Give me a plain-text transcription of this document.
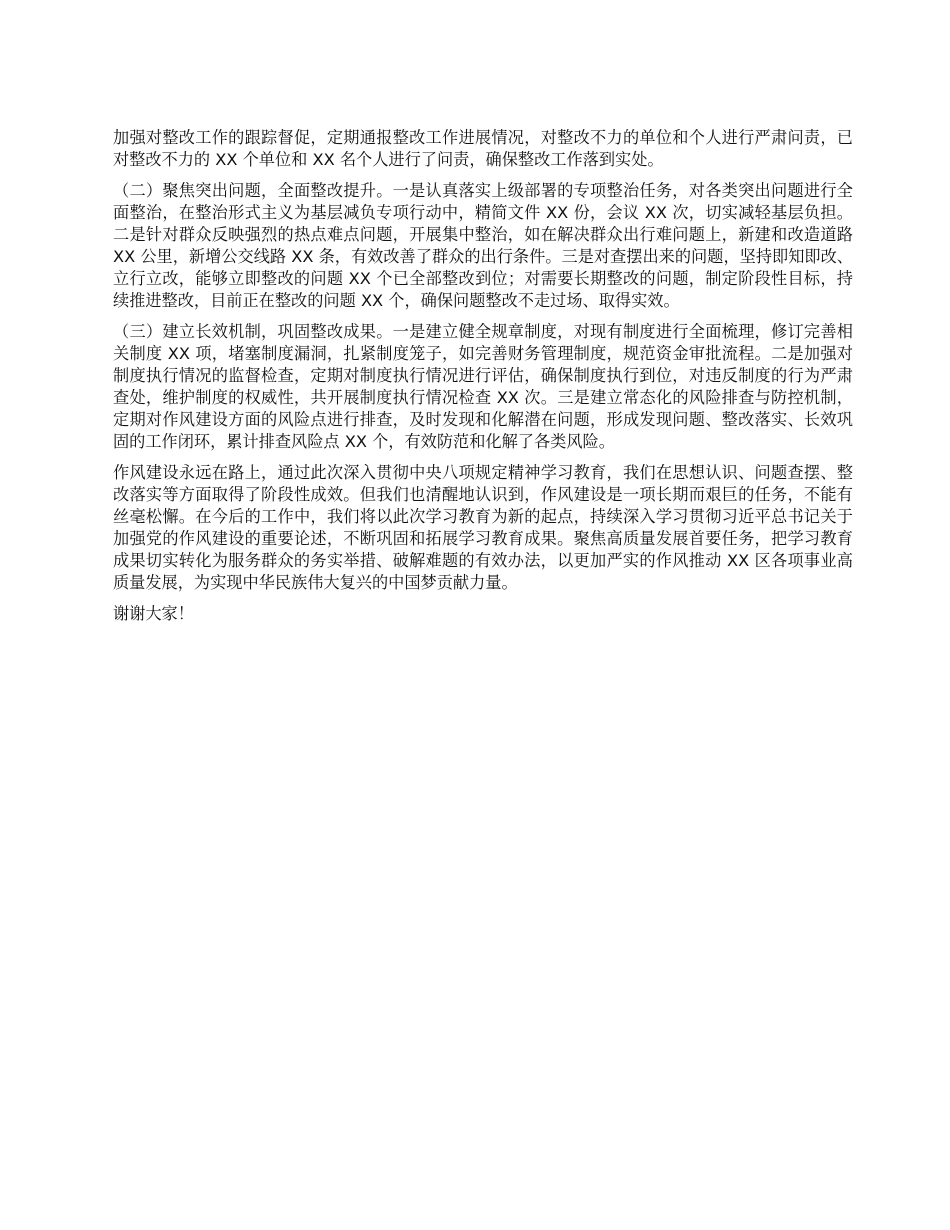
加强对整改工作的跟踪督促，定期通报整改工作进展情况，对整改不力的单位和个人进行严肃问责，已对整改不力的 XX 个单位和 XX 名个人进行了问责，确保整改工作落到实处。

（二）聚焦突出问题，全面整改提升。一是认真落实上级部署的专项整治任务，对各类突出问题进行全面整治，在整治形式主义为基层减负专项行动中，精简文件 XX 份，会议 XX 次，切实减轻基层负担。二是针对群众反映强烈的热点难点问题，开展集中整治，如在解决群众出行难问题上，新建和改造道路 XX 公里，新增公交线路 XX 条，有效改善了群众的出行条件。三是对查摆出来的问题，坚持即知即改、立行立改，能够立即整改的问题 XX 个已全部整改到位；对需要长期整改的问题，制定阶段性目标，持续推进整改，目前正在整改的问题 XX 个，确保问题整改不走过场、取得实效。

（三）建立长效机制，巩固整改成果。一是建立健全规章制度，对现有制度进行全面梳理，修订完善相关制度 XX 项，堵塞制度漏洞，扎紧制度笼子，如完善财务管理制度，规范资金审批流程。二是加强对制度执行情况的监督检查，定期对制度执行情况进行评估，确保制度执行到位，对违反制度的行为严肃查处，维护制度的权威性，共开展制度执行情况检查 XX 次。三是建立常态化的风险排查与防控机制，定期对作风建设方面的风险点进行排查，及时发现和化解潜在问题，形成发现问题、整改落实、长效巩固的工作闭环，累计排查风险点 XX 个，有效防范和化解了各类风险。

作风建设永远在路上，通过此次深入贯彻中央八项规定精神学习教育，我们在思想认识、问题查摆、整改落实等方面取得了阶段性成效。但我们也清醒地认识到，作风建设是一项长期而艰巨的任务，不能有丝毫松懈。在今后的工作中，我们将以此次学习教育为新的起点，持续深入学习贯彻习近平总书记关于加强党的作风建设的重要论述，不断巩固和拓展学习教育成果。聚焦高质量发展首要任务，把学习教育成果切实转化为服务群众的务实举措、破解难题的有效办法，以更加严实的作风推动 XX 区各项事业高质量发展，为实现中华民族伟大复兴的中国梦贡献力量。

谢谢大家！
